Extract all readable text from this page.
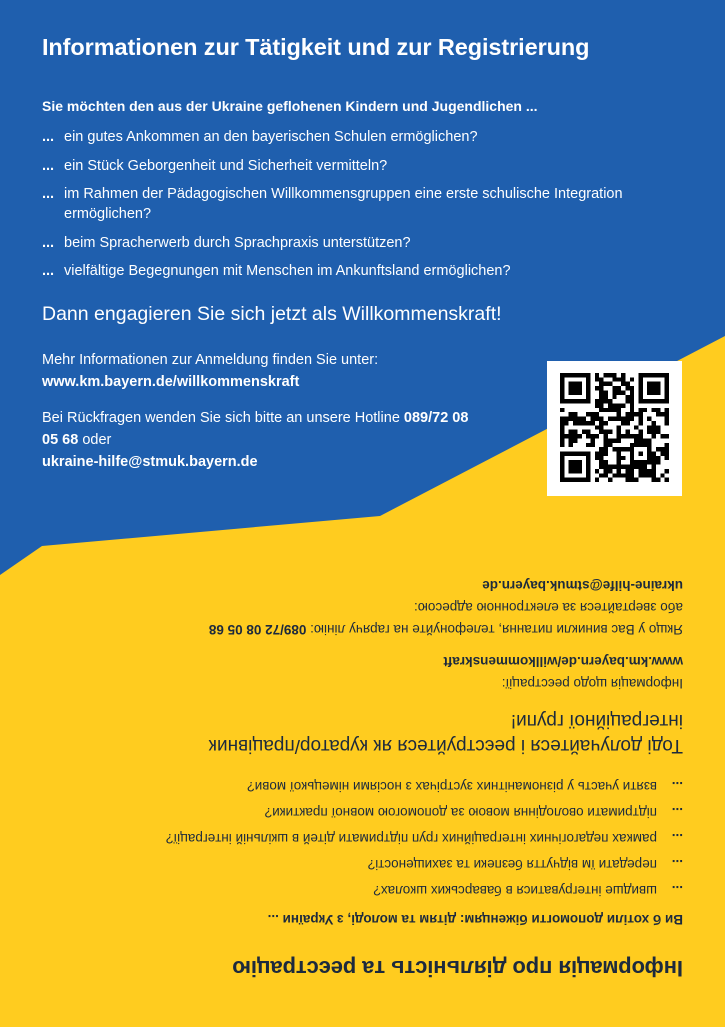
Informationen zur Tätigkeit und zur Registrierung

Sie möchten den aus der Ukraine geflohenen Kindern und Jugendlichen ...

... ein gutes Ankommen an den bayerischen Schulen ermöglichen?
... ein Stück Geborgenheit und Sicherheit vermitteln?
... im Rahmen der Pädagogischen Willkommensgruppen eine erste schulische Integration ermöglichen?
... beim Spracherwerb durch Sprachpraxis unterstützen?
... vielfältige Begegnungen mit Menschen im Ankunftsland ermöglichen?
Dann engagieren Sie sich jetzt als Willkommenskraft!

Mehr Informationen zur Anmeldung finden Sie unter:
www.km.bayern.de/willkommenskraft

Bei Rückfragen wenden Sie sich bitte an unsere Hotline 089/72 08 05 68 oder
ukraine-hilfe@stmuk.bayern.de

Інформація про діяльність та реєстрацію

Ви б хотіли допомогти біженцям: дітям та молоді, з України ...

...
швидше інтегруватися в баварських школах?
...
передати їм відчуття безпеки та захищеності?
...
рамках педагогічних інтеграційних груп підтримати дітей в шкільній інтеграції?
...
підтримати оволодіння мовою за допомогою мовної практики?
...
взяти участь у різноманітних зустрічах з носіями німецької мови?
Тоді долучайтеся і реєструйтеся як куратор/працівник інтеграційної групи!

Інформація щодо реєстрації:
www.km.bayern.de/willkommenskraft

Якщо у Вас виникли питання, телефонуйте на гарячу лінію: 089/72 08 05 68
або звертайтеся за електронною адресою:
ukraine-hilfe@stmuk.bayern.de
